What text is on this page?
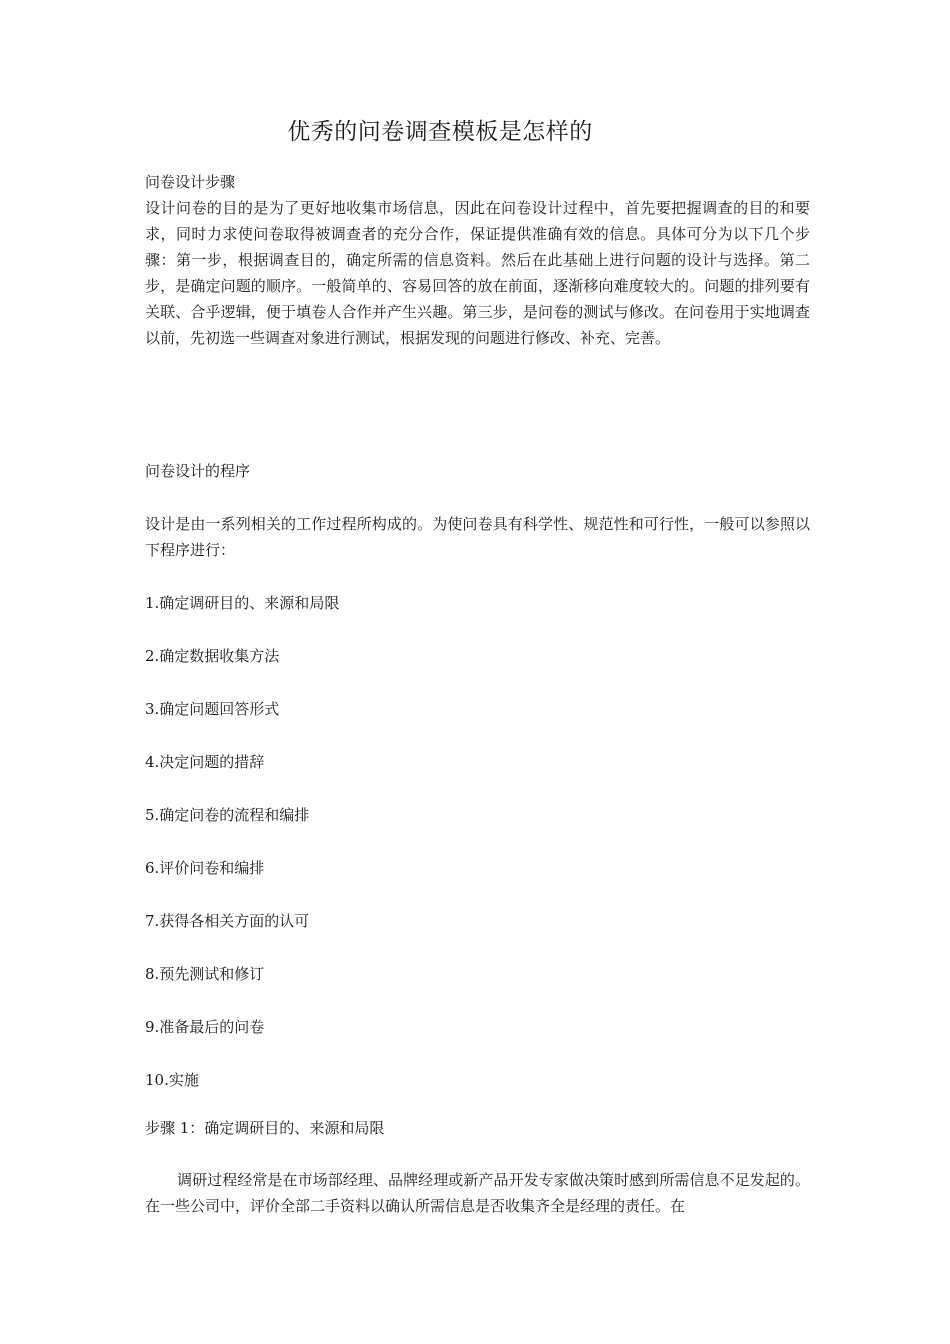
优秀的问卷调查模板是怎样的
问卷设计步骤
设计问卷的目的是为了更好地收集市场信息，因此在问卷设计过程中，首先要把握调查的目的和要求，同时力求使问卷取得被调查者的充分合作，保证提供准确有效的信息。具体可分为以下几个步骤：第一步，根据调查目的，确定所需的信息资料。然后在此基础上进行问题的设计与选择。第二步，是确定问题的顺序。一般简单的、容易回答的放在前面，逐渐移向难度较大的。问题的排列要有关联、合乎逻辑，便于填卷人合作并产生兴趣。第三步，是问卷的测试与修改。在问卷用于实地调查以前，先初选一些调查对象进行测试，根据发现的问题进行修改、补充、完善。
问卷设计的程序
设计是由一系列相关的工作过程所构成的。为使问卷具有科学性、规范性和可行性，一般可以参照以下程序进行：
1.确定调研目的、来源和局限
2.确定数据收集方法
3.确定问题回答形式
4.决定问题的措辞
5.确定问卷的流程和编排
6.评价问卷和编排
7.获得各相关方面的认可
8.预先测试和修订
9.准备最后的问卷
10.实施
步骤 1：确定调研目的、来源和局限
调研过程经常是在市场部经理、品牌经理或新产品开发专家做决策时感到所需信息不足发起的。在一些公司中，评价全部二手资料以确认所需信息是否收集齐全是经理的责任。在
